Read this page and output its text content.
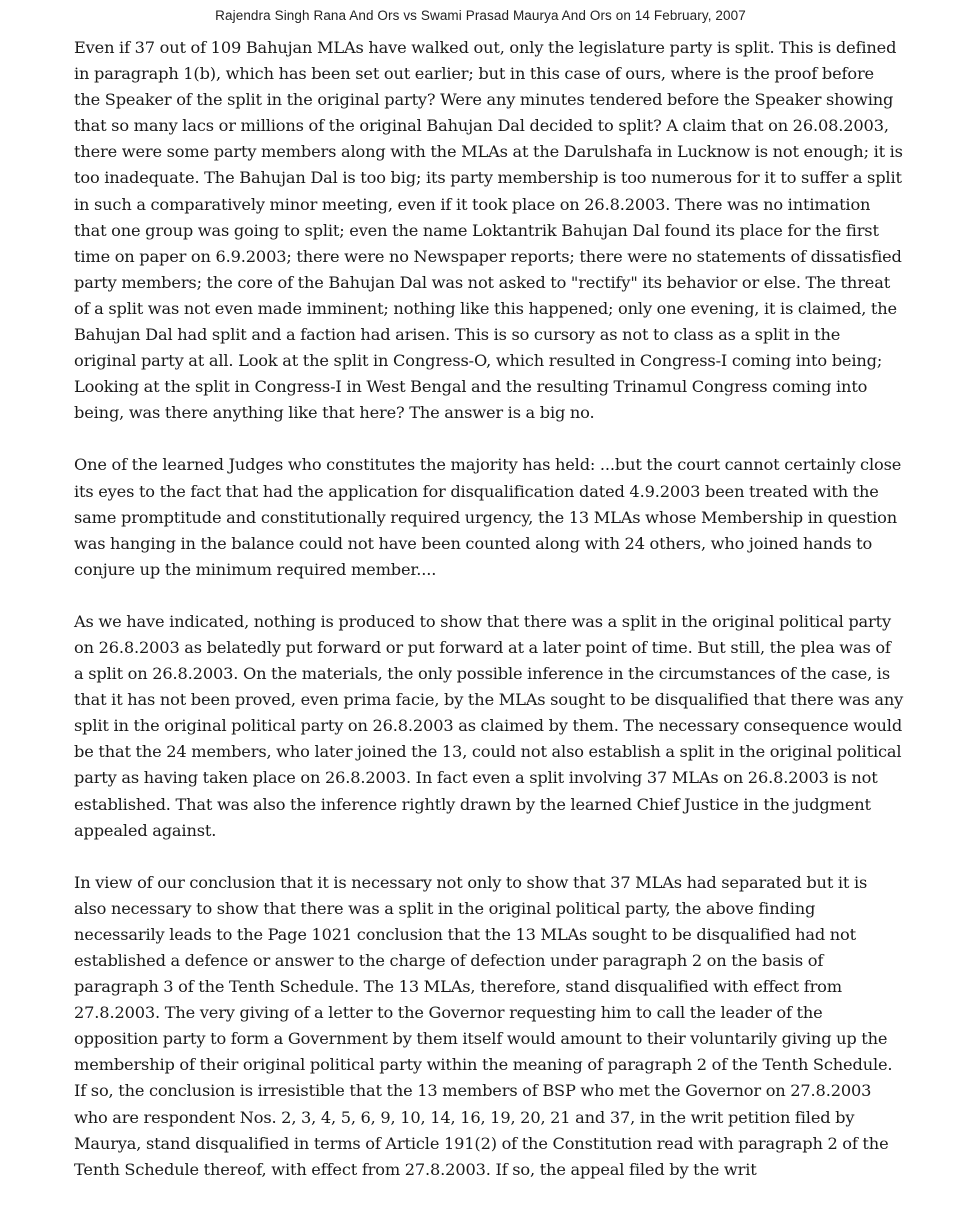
Rajendra Singh Rana And Ors vs Swami Prasad Maurya And Ors on 14 February, 2007

Even if 37 out of 109 Bahujan MLAs have walked out, only the legislature party is split. This is defined in paragraph 1(b), which has been set out earlier; but in this case of ours, where is the proof before the Speaker of the split in the original party? Were any minutes tendered before the Speaker showing that so many lacs or millions of the original Bahujan Dal decided to split? A claim that on 26.08.2003, there were some party members along with the MLAs at the Darulshafa in Lucknow is not enough; it is too inadequate. The Bahujan Dal is too big; its party membership is too numerous for it to suffer a split in such a comparatively minor meeting, even if it took place on 26.8.2003. There was no intimation that one group was going to split; even the name Loktantrik Bahujan Dal found its place for the first time on paper on 6.9.2003; there were no Newspaper reports; there were no statements of dissatisfied party members; the core of the Bahujan Dal was not asked to "rectify" its behavior or else. The threat of a split was not even made imminent; nothing like this happened; only one evening, it is claimed, the Bahujan Dal had split and a faction had arisen. This is so cursory as not to class as a split in the original party at all. Look at the split in Congress-O, which resulted in Congress-I coming into being; Looking at the split in Congress-I in West Bengal and the resulting Trinamul Congress coming into being, was there anything like that here? The answer is a big no.

One of the learned Judges who constitutes the majority has held: ...but the court cannot certainly close its eyes to the fact that had the application for disqualification dated 4.9.2003 been treated with the same promptitude and constitutionally required urgency, the 13 MLAs whose Membership in question was hanging in the balance could not have been counted along with 24 others, who joined hands to conjure up the minimum required member....

As we have indicated, nothing is produced to show that there was a split in the original political party on 26.8.2003 as belatedly put forward or put forward at a later point of time. But still, the plea was of a split on 26.8.2003. On the materials, the only possible inference in the circumstances of the case, is that it has not been proved, even prima facie, by the MLAs sought to be disqualified that there was any split in the original political party on 26.8.2003 as claimed by them. The necessary consequence would be that the 24 members, who later joined the 13, could not also establish a split in the original political party as having taken place on 26.8.2003. In fact even a split involving 37 MLAs on 26.8.2003 is not established. That was also the inference rightly drawn by the learned Chief Justice in the judgment appealed against.

In view of our conclusion that it is necessary not only to show that 37 MLAs had separated but it is also necessary to show that there was a split in the original political party, the above finding necessarily leads to the Page 1021 conclusion that the 13 MLAs sought to be disqualified had not established a defence or answer to the charge of defection under paragraph 2 on the basis of paragraph 3 of the Tenth Schedule. The 13 MLAs, therefore, stand disqualified with effect from 27.8.2003. The very giving of a letter to the Governor requesting him to call the leader of the opposition party to form a Government by them itself would amount to their voluntarily giving up the membership of their original political party within the meaning of paragraph 2 of the Tenth Schedule. If so, the conclusion is irresistible that the 13 members of BSP who met the Governor on 27.8.2003 who are respondent Nos. 2, 3, 4, 5, 6, 9, 10, 14, 16, 19, 20, 21 and 37, in the writ petition filed by Maurya, stand disqualified in terms of Article 191(2) of the Constitution read with paragraph 2 of the Tenth Schedule thereof, with effect from 27.8.2003. If so, the appeal filed by the writ
